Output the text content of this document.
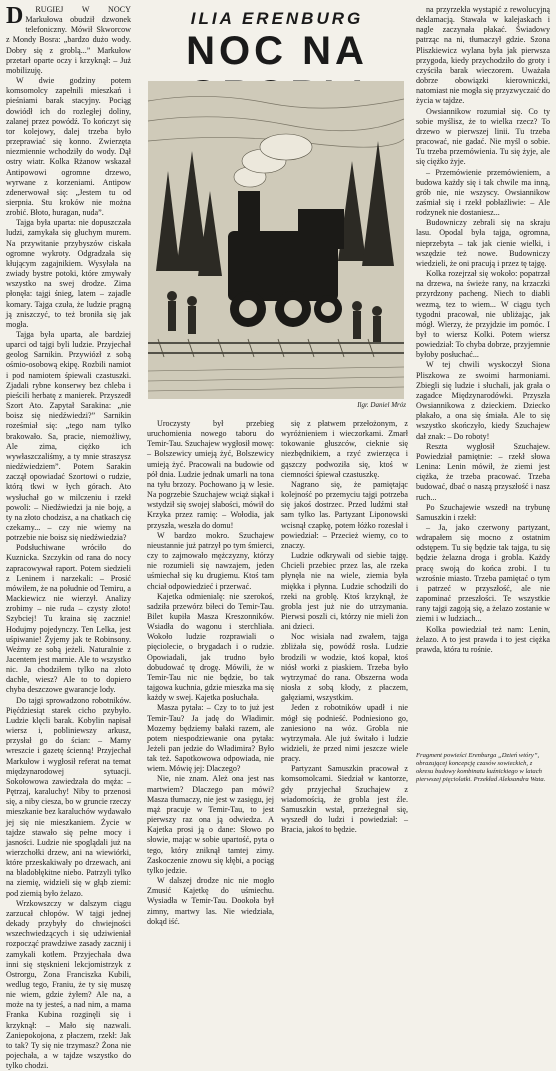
D	RUGIEJ W NOCY Markułowa obudził dzwonek telefoniczny. Mówił Skworcow z Mondy Bosra: „bardzo dużo wody. Dobry się z groblą...” Markułow przetarł oparte oczy i krzyknął: – Już mobilizuję.

W dwie godziny potem komsomolcy zapełnili mieszkań i pieśniami barak stacyjny. Pociąg dowiódł ich do rozległej doliny, zalanej przez powódź. To kończyt się tor kolejowy, dalej trzeba było przeprawiać się konno. Zwierzęta niezmiennie wchodziły do wody. Dął ostry wiatr. Kolka Rżanow wskazał Antipowowi ogromne drzewo, wyrwane z korzeniami. Antipow zdenerwował się: „Jestem tu od sierpnia. Stu kroków nie można zrobić. Błoto, huragan, nuda”.

Tajga była uparta: nie dopuszczała ludzi, zamykała się głuchym murem. Na przywitanie przybyszów ciskała ogromne wykroty. Odgradzała się kłującym zagajnikiem. Wysyłała na zwiady bystre potoki, które zmywały wszystko na swej drodze. Zima płonęła: tajgi śnieg, latem – zajadle komary. Tajga czuła, że ludzie prągną ją zniszczyć, to też broniła się jak mogła.

Tajga była uparta, ale bardziej uparci od tajgi byli ludzie. Przyjechał geolog Sarnikin. Przywiózł z sobą ośmio-osobową ekipę. Rozbili namiot i pod namiotem śpiewali czastuszki. Zjadali rybne konserwy bez chleba i pieścili herbatę z manierek. Przyszedł Szort Ato. Zapytał Sarakina: „nie boisz się niedźwiedzi?” Sarnikin roześmiał się: „tego nam tylko brakowało. Sa, pracie, niemożliwy, Ale zima, ciężko ich wywłaszczaliśmy, a ty mnie straszysz niedźwiedziem”. Potem Sarakin zaczął opowiadać Szortowi o rudzie, którą tkwi w łych górach. Ato wysłuchał go w milczeniu i rzekł powoli: – Niedźwiedzi ja nie boję, a ty na złoto chodzisz, a na chatkach cię czekamy... – czy nie wiemy na potrzebie nie boisz się niedźwiedzia?

Podsłuchiwane wróciło do Kuznicka. Szczykin od rana do nocy zapracowywał raport. Potem siedzieli z Leninem i narzekali: – Prosić mówiłem, że na południe od Temiru, a Mackiewicz nie wierzył. Analizy zrobimy – nie ruda – czysty złoto! Szybciej! Tu kraina się zacznie! Hodujmy pojedynczy. Ten Lelka, jest uśpiwanie! Żyjemy jak te Robinsony. Weźmy ze sobą jeżeli. Naturalnie z Jacentem jest marnie. Ale to wszystko nic. Ja chodziłem tylko na złoto dachłe, wiesz? Ale to to dopiero chyba deszczowe gwarancje lody.

Do tajgi sprowadzono robotników. Pięćdziesiąt starek cicho pzybyło. Ludzie klęcli barak. Kobylin napisał wiersz i, pobliniewszy arkusz, przysłał go do ścian: – Mamy wreszcie i gazetę ścienną! Przyjechał Markułow i wygłosił referat na temat międzynarodowej sytuacji. Sokołowowa zawiedzała do męża: – Pętrzaj, karaluchy! Niby to przenosi się, a niby ciesza, bo w gruncie rzeczy mieszkanie bez karaluchów wydawało jej się nie mieszkaniem. Życie w tajdze stawało się pełne mocy i jasności. Ludzie nie spoglądali już na wierzchołki drzew, ani na wiewiórki, które przeskakiwały po drzewach, ani na bladobłękitne niebo. Patrzyli tylko na ziemię, widzieli się w głąb ziemi: pod ziemią było żelazo.

Wrzkowszczy w dalszym ciągu zarzucał chłopów. W tajgi jednej dekady przybyły do chwiejności wszechwiedzących i się udziwieniał rozpocząć prawdziwe zasady zacznij i zamykali kotłem. Przyjechała dwa inni się stęsknieni lekcjomistrzyk z Ostrorgu, Zona Franciszka Kubili, wedlug tego, Franiu, że ty się muszę nie wiem, gdzie żyłem? Ale na, a może na ty jesteś, a nad nim, a mama Franka Kubina rozginęli się i krzyknął: – Mało się nazwali. Zaniepokojona, z płaczem, rzekł: Jak to tak? Ty się nie trzymasz? Żona nie pojechała, a w tajdze wszystko do tylko chodzi.

ILIA ERENBURG
NOC NA
Ilgr. Daniel Mróz

Uroczysty był przebieg uruchomienia nowego taboru do Temir-Tau. Szuchajew wygłosił mowę: – Bolszewicy umieją żyć, Bolszewicy umieją żyć. Pracowali na budowie od pół dnia. Ludzie jednak umarli na tona na tyłu brzozy. Pochowano ją w lesie. Na pogrzebie Szuchajew wciąż siąkał i wstydził się swojej słabości, mówił do Krzyka przez ramię: – Wołodia, jak przyszła, weszła do domu!

W bardzo mokro. Szuchajew nieustannie już patrzył po tym śmierci, czy to zajmowało mężczyzny, którzy nie rozumieli się nawzajem, jeden uśmiechał się ku drugiemu. Ktoś tam chciał odpowiedzieć i przerwać.

Kajetka odmienialę: nie szerokoś, sadziła przewórz biłeci do Temir-Tau. Bilet kupiła Masza Kreszonników. Wsiadła do wagonu i sterchliała. Wokoło ludzie rozprawiali o pięciolecie, o brygadach i o rudzie. Opowiadali, jak trudno było dobudować tę drogę. Mówili, że w Temir-Tau nic nie będzie, bo tak tajgowa kuchnia, gdzie mieszka ma się każdy w swej. Kajetka posłuchała.

Masza pytała: – Czy to to już jest Temir-Tau? Ja jadę do Władimir. Mozemy będziemy bałaki razem, ale potem niespodziewanie ona pytała: Jeżeli pan jedzie do Władimira? Było tak też. Sapotkowowa odpowiada, nie wiem. Mówię jej: Dlaczego?

Nie, nie znam. Ależ ona jest nas martwiem? Dlaczego pan mówi? Masza tłumaczy, nie jest w zasięgu, jej mąż pracuje w Temir-Tau, to jest pierwszy raz ona ją odwiedza. A Kajetka prosi ją o dane: Słowo po słowie, mając w sobie upartość, pyta o tego, który zniknął tamtej zimy. Zaskoczenie znowu się kłębi, a pociąg tylko jedzie.

W dalszej drodze nic nie mogło Zmusić Kajetkę do uśmiechu. Wysiadła w Temir-Tau. Dookoła był zimny, martwy las. Nie wiedziała, dokąd iść.

się z płatwem przełożonym, z wyróżnieniem i wieczorkami. Zmarł tokowanie głuszców, cieknie się niezbędnikiem, a rzyć zwierzęca i gąszczy podwoziła się, ktoś w ciemności śpiewał czastuszkę.

Nagrano się, że pamiętając kolejność po przemyciu tajgi potrzeba się jakoś dostrzec. Przed ludźmi stał sam tylko las. Partyzant Liponowski wcisnął czapkę, potem łóżko rozesłał i powiedział: – Przecież wiemy, co to znaczy.

Ludzie odkrywali od siebie tajgę. Chcieli przebiec przez las, ale rzeka płynęła nie na wiele, ziemia była miękka i płynna. Ludzie schodzili do rzeki na groblę. Ktoś krzyknął, że grobla jest już nie do utrzymania. Pierwsi poszli ci, którzy nie mieli żon ani dzieci.

Noc wisiała nad zwałem, tajga zbliżała się, powódź rosła. Ludzie brodzili w wodzie, ktoś kopał, ktoś niósł worki z piaskiem. Trzeba było wytrzymać do rana. Obszerna woda niosła z sobą kłody, z płaczem, gałęziami, wszystkim.

Jeden z robotników upadł i nie mógł się podnieść. Podniesiono go, zaniesiono na wóz. Grobla nie wytrzymała. Ale już świtało i ludzie widzieli, że przed nimi jeszcze wiele pracy.

Partyzant Samuszkin pracował z komsomolcami. Siedział w kantorze, gdy przyjechał Szuchajew z wiadomością, że grobla jest źle. Samuszkin wstał, przeżegnał się, wyszedł do ludzi i powiedział: – Bracia, jakoś to będzie.

na przyrzekła wystąpić z rewolucyjną deklamacją. Stawała w kalejaskach i nagle zaczynała płakać. Świadowy patrząc na ni, tłumaczył gdzie. Szona Pliszkiewicz wylana była jak pierwsza przygoda, kiedy przychodziło do groty i czyściła barak wieczorem. Uważała dobrze obowiązki kierowniczki, natomiast nie mogła się przyzwyczaić do życia w tajdze.

Owsiannikow rozumiał się. Co ty sobie myślisz, że to wielka rzecz? To drzewo w pierwszej linii. Tu trzeba pracować, nie gadać. Nie myśl o sobie. Tu trzeba przemówienia. Tu się żyje, ale się ciężko żyje.

– Przemówienie przemówieniem, a budowa każdy się i tak chwile ma inną, grób nie, nie wszyscy. Owsiannikow zaśmiał się i rzekł pobłażliwie: – Ale rodzynek nie dostaniesz...

Budowniczy zebrali się na skraju lasu. Opodal była tajga, ogromna, nieprzebyta – tak jak cienie wielki, i wszędzie też nowe. Budowniczy wiedzieli, że oni pracują i przez tę tajgę.

Kolka rozejrzał się wokoło: popatrzał na drzewa, na świeże rany, na krzaczki przyrdzony pacheng. Niech to diabli wezmą, tez to wiem... W ciągu tych tygodni pracował, nie ubliżając, jak mógł. Wierzy, że przyjdzie im pomóc. I był to wiersz Kolki. Potem wiersz powiedział: To chyba dobrze, przyjemnie byłoby posłuchać...

W tej chwili wyskoczył Siona Pliszkowa ze swoimi harmoniami. Zbiegli się ludzie i słuchali, jak grała o zagadce Międzynarodówki. Przyszła Owsiannikowa z dzieckiem. Dziecko płakało, a ona się śmiała. Ale to się wszystko skończyło, kiedy Szuchajew dał znak: – Do roboty!

Reszta wygłosił Szuchajew. Powiedział pamiętnie: – rzekł słowa Lenina: Lenin mówił, że ziemi jest ciężka, że trzeba pracować. Trzeba budować, dbać o naszą przyszłość i nasz ruch...

Po Szuchajewie wszedł na trybunę Samuszkin i rzekł:

– Ja, jako czerwony partyzant, wdrapałem się mocno z ostatnim odstępem. Tu się będzie tak tajga, tu się będzie żelazna droga i grobla. Każdy pracę swoją do końca zrobi. I tu wzrośnie miasto. Trzeba pamiętać o tym i patrzeć w przyszłość, ale nie zapominać przeszłości. Te wszystkie rany tajgi zagoją się, a żelazo zostanie w ziemi i w ludziach...

Kolka powiedział też nam: Lenin, żelazo. A to jest prawda i to jest ciężka prawda, która tu rośnie.

Fragment powieści Erenburga „Dzień wtóry”, obrazującej koncepcję czasów sowieckich, z okresu budowy kombinatu kuźnickiego w latach pierwszej pięciolatki. Przekład Aleksandra Wata.
